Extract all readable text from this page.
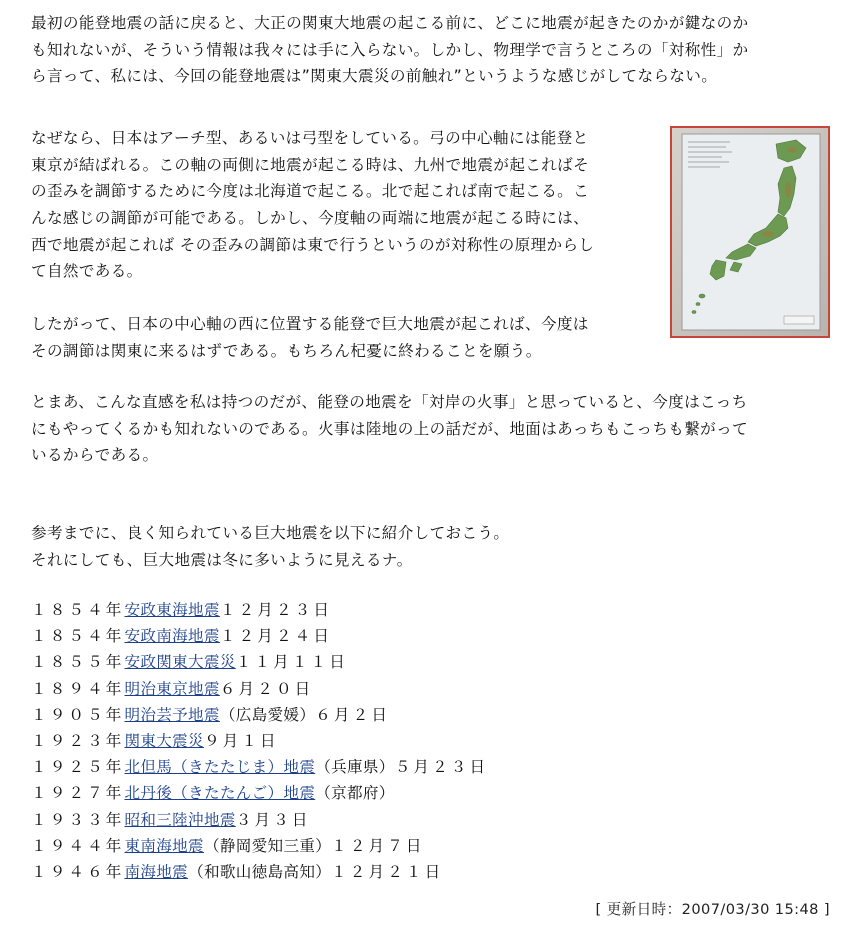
最初の能登地震の話に戻ると、大正の関東大地震の起こる前に、どこに地震が起きたのかが鍵なのか
も知れないが、そういう情報は我々には手に入らない。しかし、物理学で言うところの「対称性」か
ら言って、私には、今回の能登地震は”関東大震災の前触れ”というような感じがしてならない。

なぜなら、日本はアーチ型、あるいは弓型をしている。弓の中心軸には能登と
東京が結ばれる。この軸の両側に地震が起こる時は、九州で地震が起こればそ
の歪みを調節するために今度は北海道で起こる。北で起これば南で起こる。こ
んな感じの調節が可能である。しかし、今度軸の両端に地震が起こる時には、
西で地震が起これば その歪みの調節は東で行うというのが対称性の原理からし
て自然である。

したがって、日本の中心軸の西に位置する能登で巨大地震が起これば、今度は
その調節は関東に来るはずである。もちろん杞憂に終わることを願う。

とまあ、こんな直感を私は持つのだが、能登の地震を「対岸の火事」と思っていると、今度はこっち
にもやってくるかも知れないのである。火事は陸地の上の話だが、地面はあっちもこっちも繋がって
いるからである。

参考までに、良く知られている巨大地震を以下に紹介しておこう。
それにしても、巨大地震は冬に多いように見えるナ。

１８５４年安政東海地震１２月２３日
１８５４年安政南海地震１２月２４日
１８５５年安政関東大震災１１月１１日
１８９４年明治東京地震６月２０日
１９０５年明治芸予地震（広島愛媛）６月２日
１９２３年関東大震災９月１日
１９２５年北但馬（きたたじま）地震（兵庫県）５月２３日
１９２７年北丹後（きたたんご）地震（京都府）
１９３３年昭和三陸沖地震３月３日
１９４４年東南海地震（静岡愛知三重）１２月７日
１９４６年南海地震（和歌山徳島高知）１２月２１日
[ 更新日時：2007/03/30 15:48 ]
